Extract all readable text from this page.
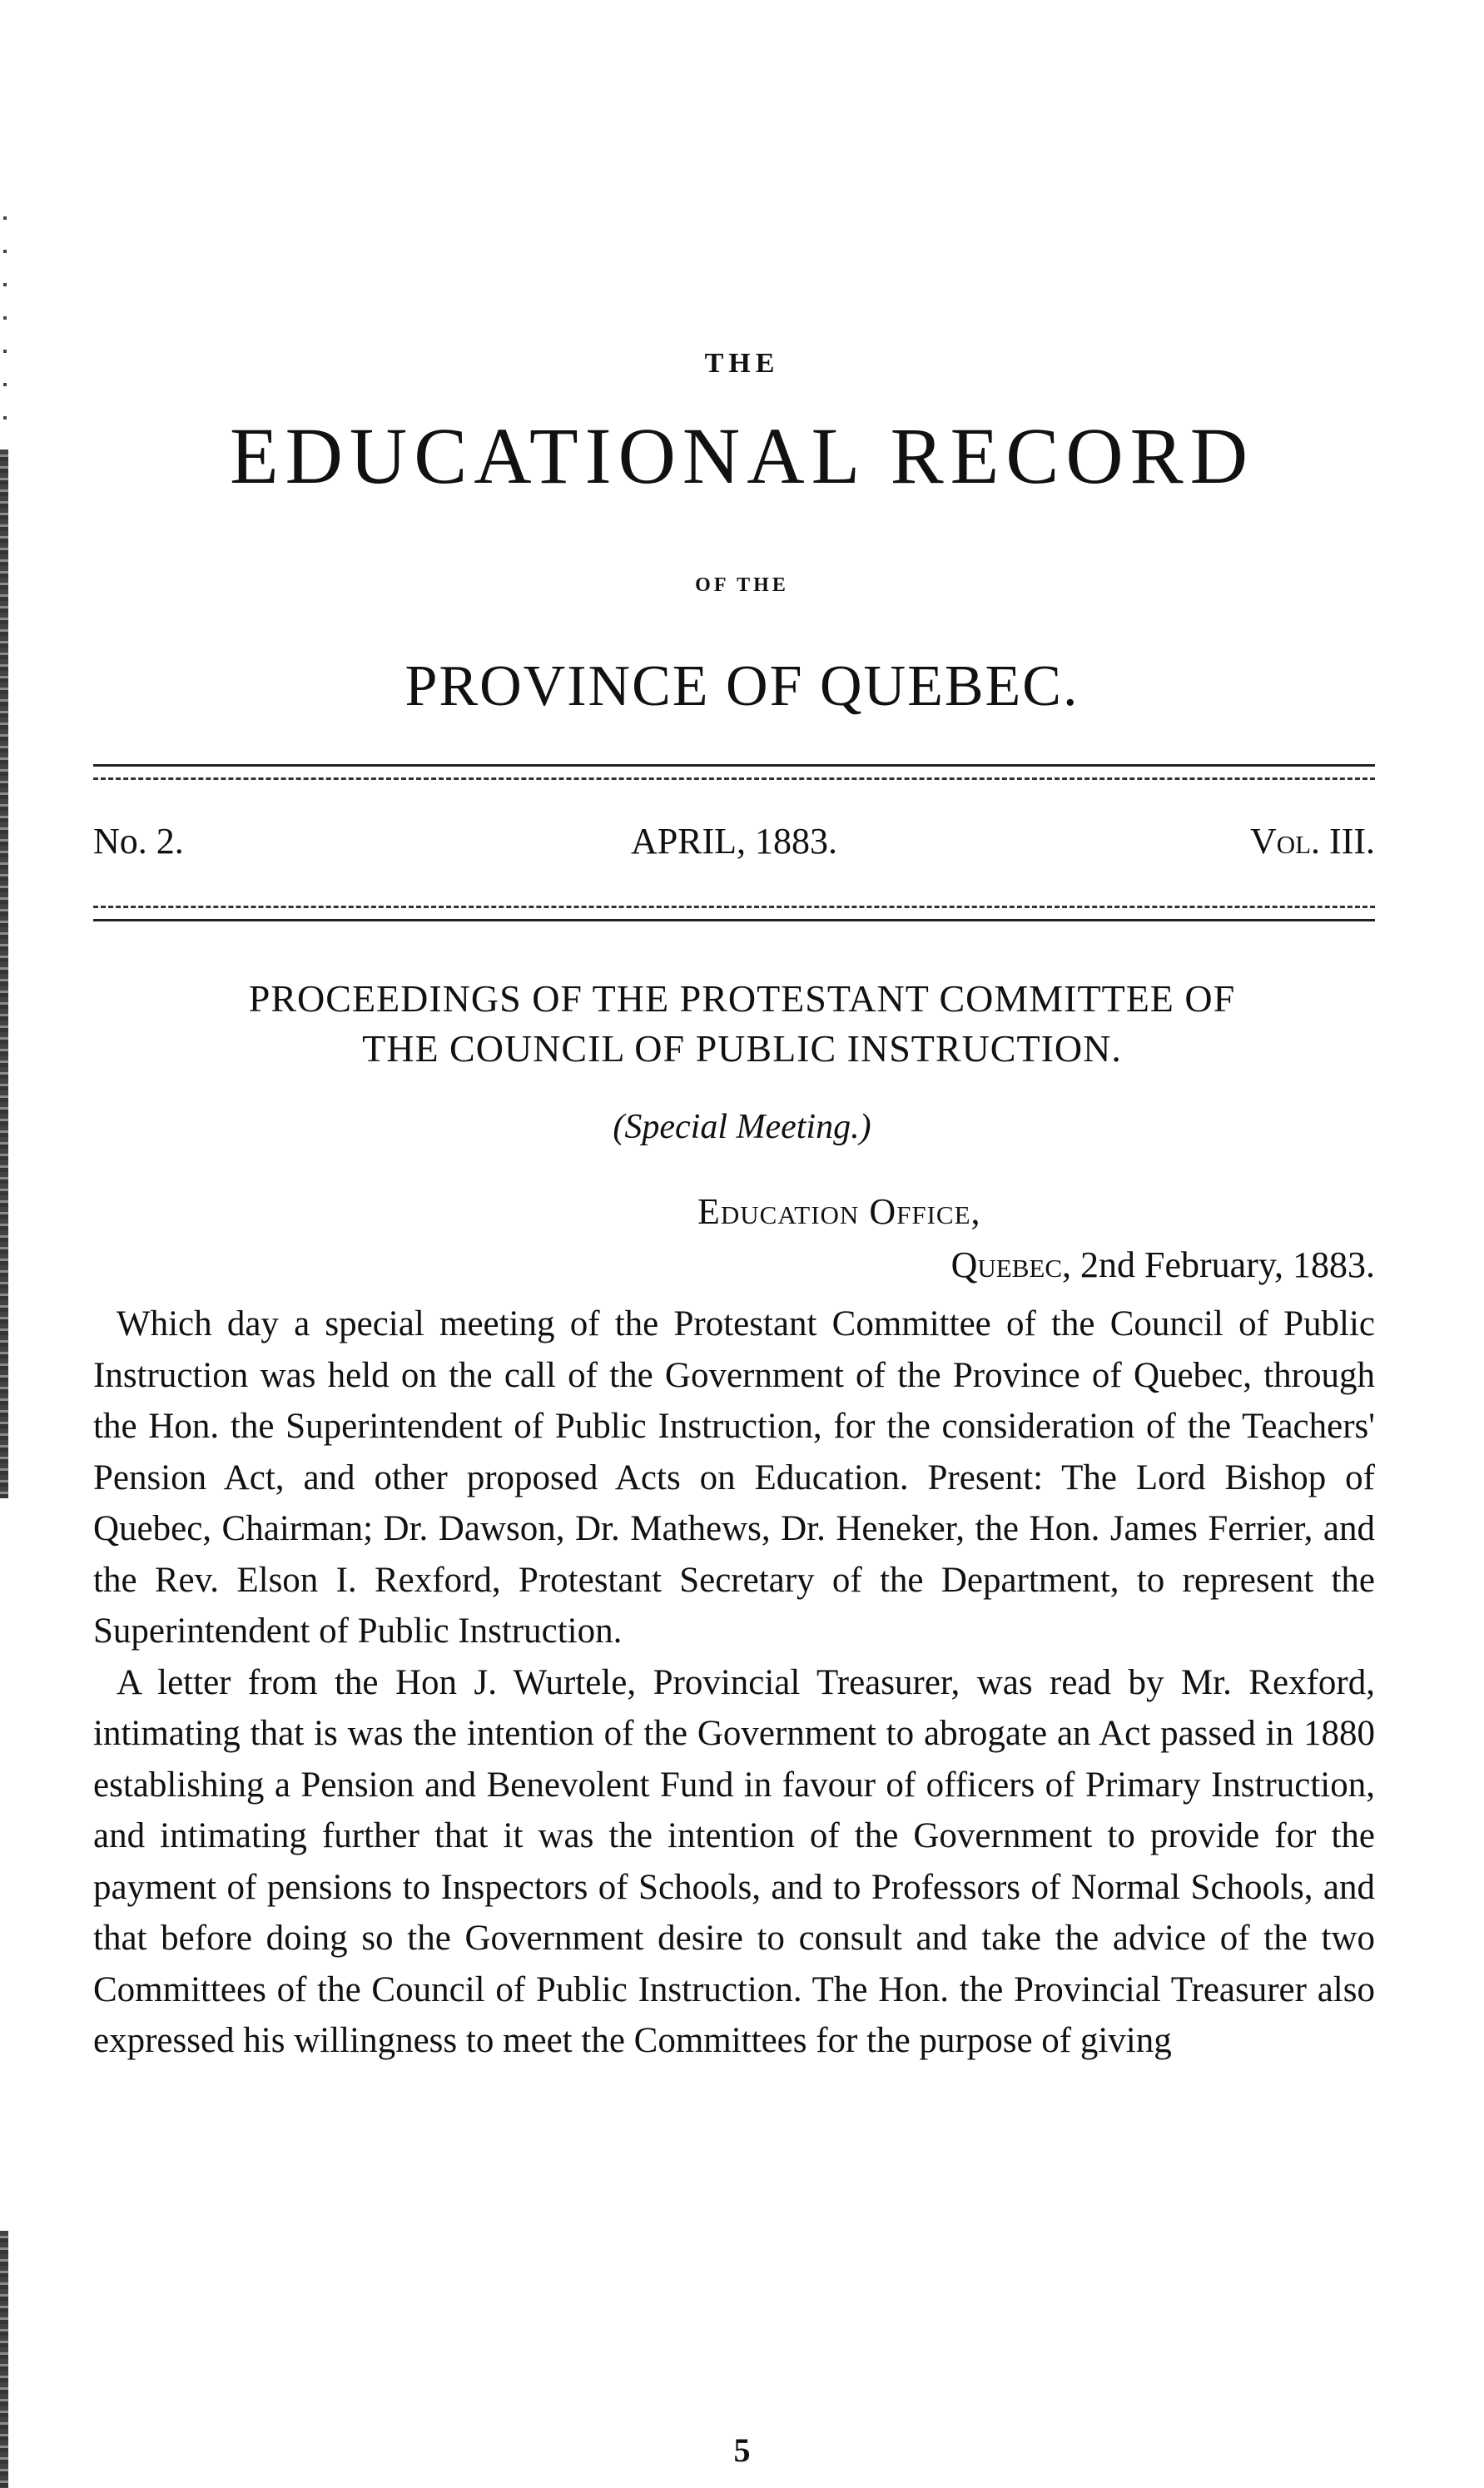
THE
EDUCATIONAL RECORD
OF THE
PROVINCE OF QUEBEC.
No. 2.	APRIL, 1883.	Vol. III.
PROCEEDINGS OF THE PROTESTANT COMMITTEE OF
THE COUNCIL OF PUBLIC INSTRUCTION.
(Special Meeting.)
Education Office,
Quebec, 2nd February, 1883.

Which day a special meeting of the Protestant Committee of the Council of Public Instruction was held on the call of the Government of the Province of Quebec, through the Hon. the Superintendent of Public Instruction, for the consideration of the Teachers' Pension Act, and other proposed Acts on Education. Present: The Lord Bishop of Quebec, Chairman; Dr. Dawson, Dr. Mathews, Dr. Heneker, the Hon. James Ferrier, and the Rev. Elson I. Rexford, Protestant Secretary of the Department, to represent the Superintendent of Public Instruction.

A letter from the Hon J. Wurtele, Provincial Treasurer, was read by Mr. Rexford, intimating that is was the intention of the Government to abrogate an Act passed in 1880 establishing a Pension and Benevolent Fund in favour of officers of Primary Instruction, and intimating further that it was the intention of the Government to provide for the payment of pensions to Inspectors of Schools, and to Professors of Normal Schools, and that before doing so the Government desire to consult and take the advice of the two Committees of the Council of Public Instruction. The Hon. the Provincial Treasurer also expressed his willingness to meet the Committees for the purpose of giving

5
